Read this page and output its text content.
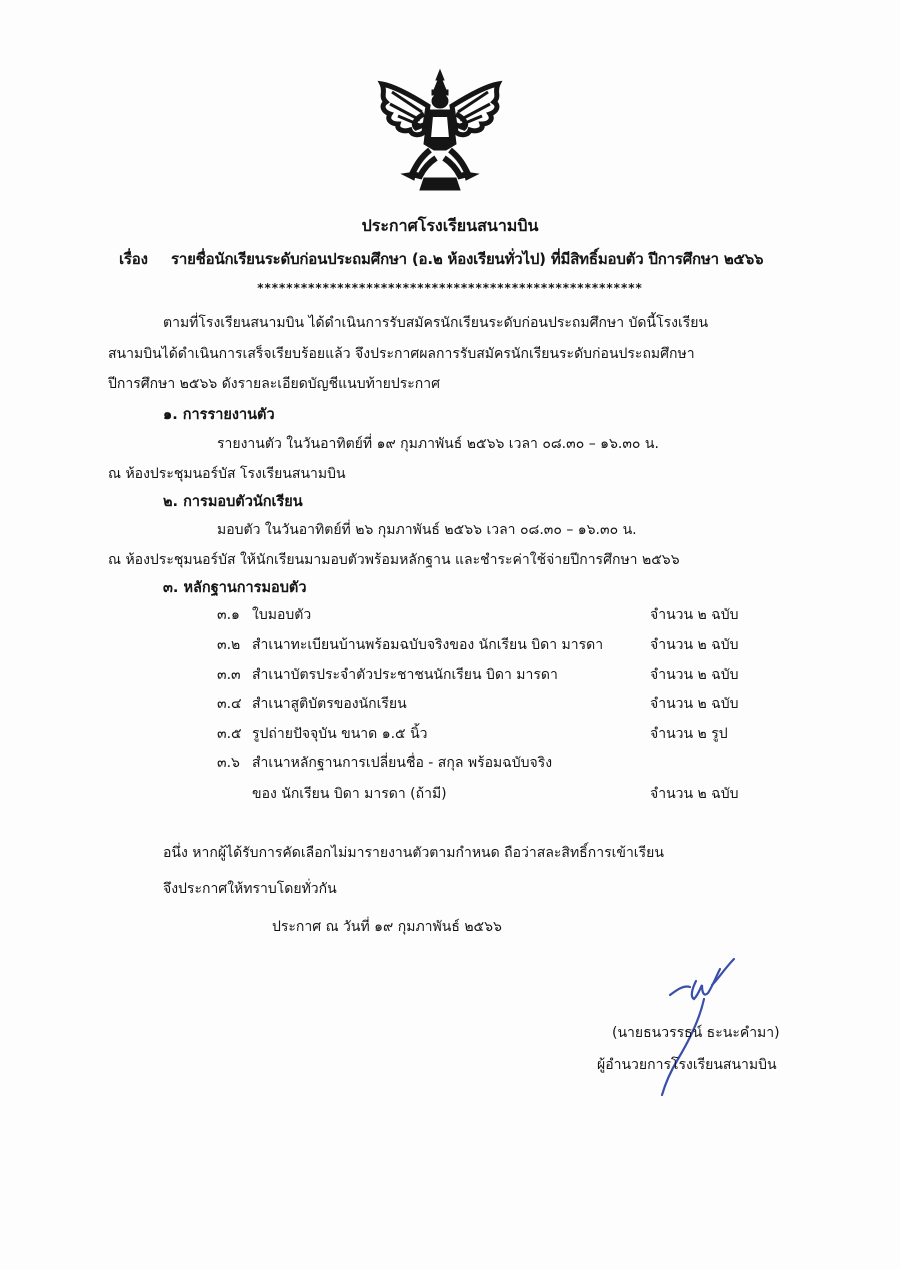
ประกาศโรงเรียนสนามบิน
เรื่อง รายชื่อนักเรียนระดับก่อนประถมศึกษา (อ.๒ ห้องเรียนทั่วไป) ที่มีสิทธิ์มอบตัว ปีการศึกษา ๒๕๖๖
*****************************************************
ตามที่โรงเรียนสนามบิน ได้ดำเนินการรับสมัครนักเรียนระดับก่อนประถมศึกษา บัดนี้โรงเรียน
สนามบินได้ดำเนินการเสร็จเรียบร้อยแล้ว จึงประกาศผลการรับสมัครนักเรียนระดับก่อนประถมศึกษา
ปีการศึกษา ๒๕๖๖ ดังรายละเอียดบัญชีแนบท้ายประกาศ
๑. การรายงานตัว
รายงานตัว ในวันอาทิตย์ที่ ๑๙ กุมภาพันธ์ ๒๕๖๖ เวลา ๐๘.๓๐ – ๑๖.๓๐ น.
ณ ห้องประชุมนอร์บัส โรงเรียนสนามบิน
๒. การมอบตัวนักเรียน
มอบตัว ในวันอาทิตย์ที่ ๒๖ กุมภาพันธ์ ๒๕๖๖ เวลา ๐๘.๓๐ – ๑๖.๓๐ น.
ณ ห้องประชุมนอร์บัส ให้นักเรียนมามอบตัวพร้อมหลักฐาน และชำระค่าใช้จ่ายปีการศึกษา ๒๕๖๖
๓. หลักฐานการมอบตัว
๓.๑ ใบมอบตัว	จำนวน ๒ ฉบับ
๓.๒ สำเนาทะเบียนบ้านพร้อมฉบับจริงของ นักเรียน บิดา มารดา	จำนวน ๒ ฉบับ
๓.๓ สำเนาบัตรประจำตัวประชาชนนักเรียน บิดา มารดา	จำนวน ๒ ฉบับ
๓.๔ สำเนาสูติบัตรของนักเรียน	จำนวน ๒ ฉบับ
๓.๕ รูปถ่ายปัจจุบัน ขนาด ๑.๕ นิ้ว	จำนวน ๒ รูป
๓.๖ สำเนาหลักฐานการเปลี่ยนชื่อ - สกุล พร้อมฉบับจริง
ของ นักเรียน บิดา มารดา (ถ้ามี)	จำนวน ๒ ฉบับ
อนึ่ง หากผู้ได้รับการคัดเลือกไม่มารายงานตัวตามกำหนด ถือว่าสละสิทธิ์การเข้าเรียน
จึงประกาศให้ทราบโดยทั่วกัน
ประกาศ ณ วันที่ ๑๙ กุมภาพันธ์ ๒๕๖๖
(นายธนวรรธน์ ธะนะคำมา)
ผู้อำนวยการโรงเรียนสนามบิน
